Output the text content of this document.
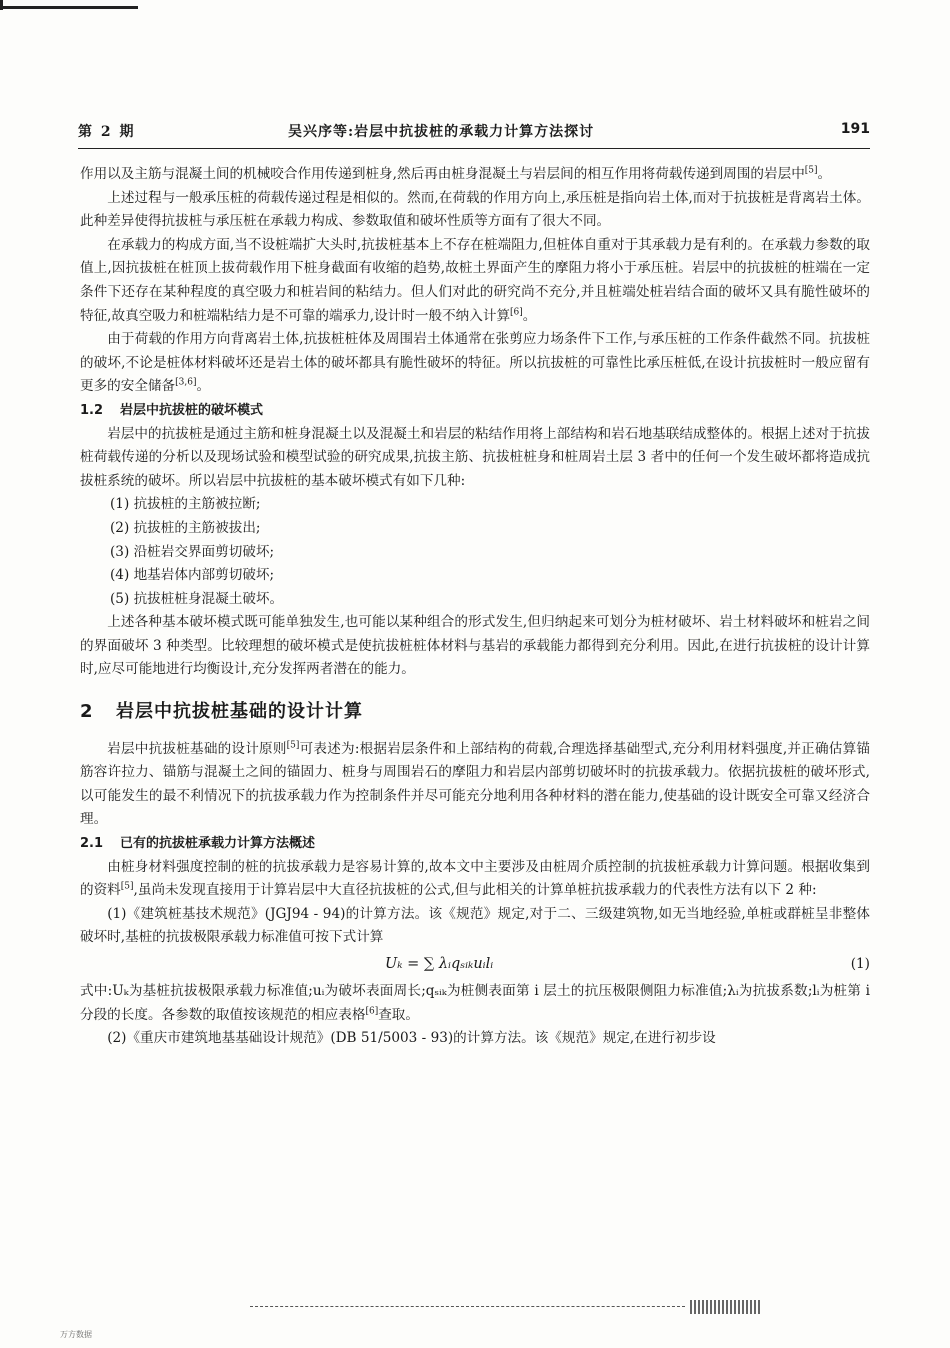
第 2 期	吴兴序等:岩层中抗拔桩的承载力计算方法探讨	191

作用以及主筋与混凝土间的机械咬合作用传递到桩身,然后再由桩身混凝土与岩层间的相互作用将荷载传递到周围的岩层中[5]。

上述过程与一般承压桩的荷载传递过程是相似的。然而,在荷载的作用方向上,承压桩是指向岩土体,而对于抗拔桩是背离岩土体。此种差异使得抗拔桩与承压桩在承载力构成、参数取值和破坏性质等方面有了很大不同。

在承载力的构成方面,当不设桩端扩大头时,抗拔桩基本上不存在桩端阻力,但桩体自重对于其承载力是有利的。在承载力参数的取值上,因抗拔桩在桩顶上拔荷载作用下桩身截面有收缩的趋势,故桩土界面产生的摩阻力将小于承压桩。岩层中的抗拔桩的桩端在一定条件下还存在某种程度的真空吸力和桩岩间的粘结力。但人们对此的研究尚不充分,并且桩端处桩岩结合面的破坏又具有脆性破坏的特征,故真空吸力和桩端粘结力是不可靠的端承力,设计时一般不纳入计算[6]。

由于荷载的作用方向背离岩土体,抗拔桩桩体及周围岩土体通常在张剪应力场条件下工作,与承压桩的工作条件截然不同。抗拔桩的破坏,不论是桩体材料破坏还是岩土体的破坏都具有脆性破坏的特征。所以抗拔桩的可靠性比承压桩低,在设计抗拔桩时一般应留有更多的安全储备[3,6]。

1.2 岩层中抗拔桩的破坏模式

岩层中的抗拔桩是通过主筋和桩身混凝土以及混凝土和岩层的粘结作用将上部结构和岩石地基联结成整体的。根据上述对于抗拔桩荷载传递的分析以及现场试验和模型试验的研究成果,抗拔主筋、抗拔桩桩身和桩周岩土层 3 者中的任何一个发生破坏都将造成抗拔桩系统的破坏。所以岩层中抗拔桩的基本破坏模式有如下几种:

(1) 抗拔桩的主筋被拉断;

(2) 抗拔桩的主筋被拔出;

(3) 沿桩岩交界面剪切破坏;

(4) 地基岩体内部剪切破坏;

(5) 抗拔桩桩身混凝土破坏。

上述各种基本破坏模式既可能单独发生,也可能以某种组合的形式发生,但归纳起来可划分为桩材破坏、岩土材料破坏和桩岩之间的界面破坏 3 种类型。比较理想的破坏模式是使抗拔桩桩体材料与基岩的承载能力都得到充分利用。因此,在进行抗拔桩的设计计算时,应尽可能地进行均衡设计,充分发挥两者潜在的能力。

2 岩层中抗拔桩基础的设计计算

岩层中抗拔桩基础的设计原则[5]可表述为:根据岩层条件和上部结构的荷载,合理选择基础型式,充分利用材料强度,并正确估算锚筋容许拉力、锚筋与混凝土之间的锚固力、桩身与周围岩石的摩阻力和岩层内部剪切破坏时的抗拔承载力。依据抗拔桩的破坏形式,以可能发生的最不利情况下的抗拔承载力作为控制条件并尽可能充分地利用各种材料的潜在能力,使基础的设计既安全可靠又经济合理。

2.1 已有的抗拔桩承载力计算方法概述

由桩身材料强度控制的桩的抗拔承载力是容易计算的,故本文中主要涉及由桩周介质控制的抗拔桩承载力计算问题。根据收集到的资料[5],虽尚未发现直接用于计算岩层中大直径抗拔桩的公式,但与此相关的计算单桩抗拔承载力的代表性方法有以下 2 种:

(1)《建筑桩基技术规范》(JGJ94 - 94)的计算方法。该《规范》规定,对于二、三级建筑物,如无当地经验,单桩或群桩呈非整体破坏时,基桩的抗拔极限承载力标准值可按下式计算

Uₖ = ∑ λᵢqₛᵢₖuᵢlᵢ	(1)

式中:Uₖ为基桩抗拔极限承载力标准值;uᵢ为破坏表面周长;qₛᵢₖ为桩侧表面第 i 层土的抗压极限侧阻力标准值;λᵢ为抗拔系数;lᵢ为桩第 i 分段的长度。各参数的取值按该规范的相应表格[6]查取。

(2)《重庆市建筑地基基础设计规范》(DB 51/5003 - 93)的计算方法。该《规范》规定,在进行初步设

万方数据
